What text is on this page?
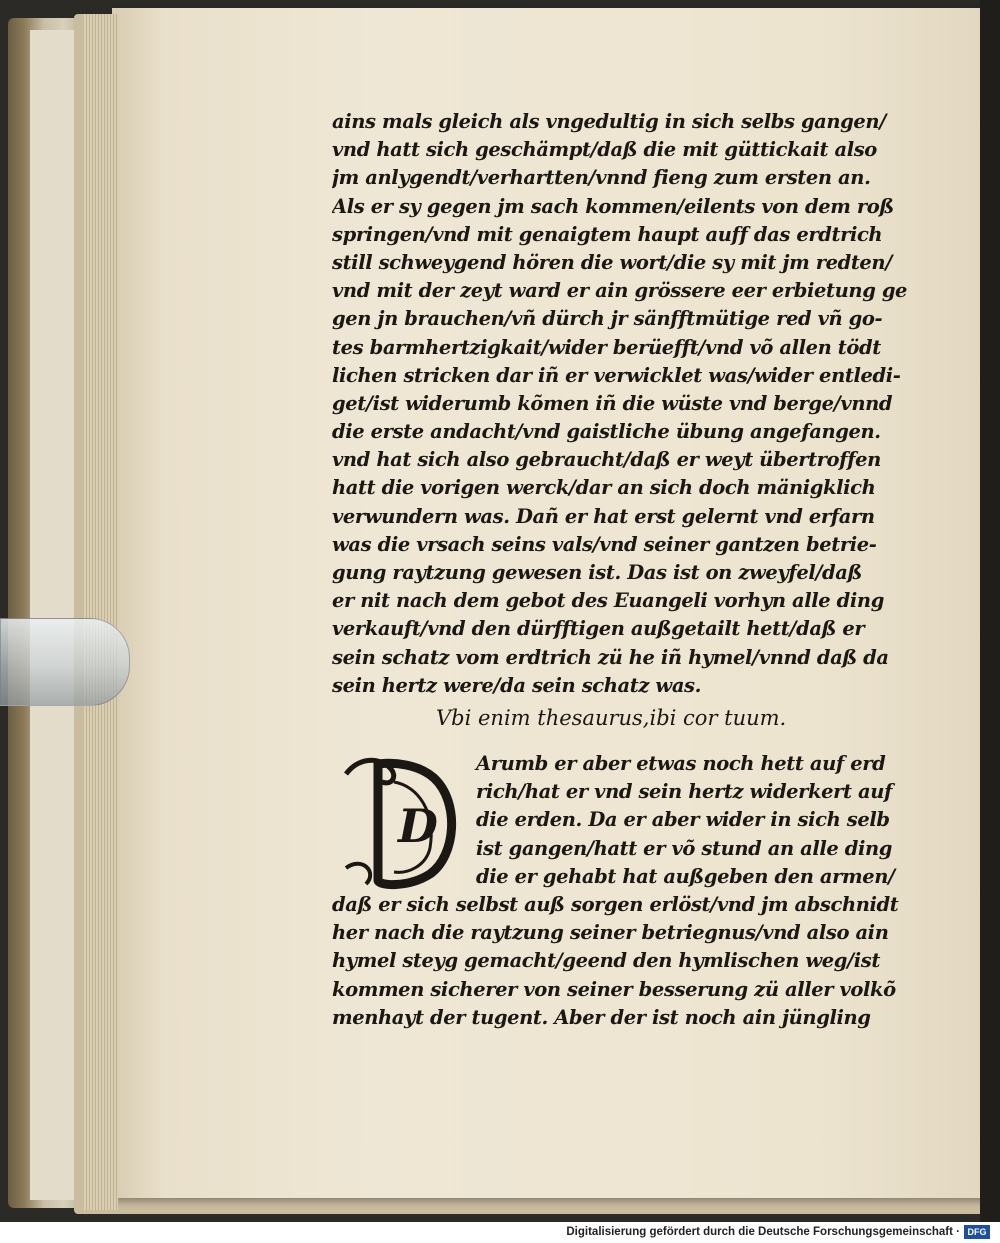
ains mals gleich als vngedultig in sich selbs gangen/
vnd hatt sich geschämpt/daß die mit güttickait also
jm anlygendt/verhartten/vnnd fieng zum ersten an.
Als er sy gegen jm sach kommen/eilents von dem roß
springen/vnd mit genaigtem haupt auff das erdtrich
still schweygend hören die wort/die sy mit jm redten/
vnd mit der zeyt ward er ain grössere eer erbietung ge
gen jn brauchen/vñ dürch jr sänfftmütige red vñ go-
tes barmhertzigkait/wider berüefft/vnd võ allen tödt
lichen stricken dar iñ er verwicklet was/wider entledi-
get/ist widerumb kõmen iñ die wüste vnd berge/vnnd
die erste andacht/vnd gaistliche übung angefangen.
vnd hat sich also gebraucht/daß er weyt übertroffen
hatt die vorigen werck/dar an sich doch mänigklich
verwundern was. Dañ er hat erst gelernt vnd erfarn
was die vrsach seins vals/vnd seiner gantzen betrie-
gung raytzung gewesen ist. Das ist on zweyfel/daß
er nit nach dem gebot des Euangeli vorhyn alle ding
verkauft/vnd den dürfftigen außgetailt hett/daß er
sein schatz vom erdtrich zü he iñ hymel/vnnd daß da
sein hertz were/da sein schatz was.
Vbi enim thesaurus,ibi cor tuum.
D
Arumb er aber etwas noch hett auf erd
rich/hat er vnd sein hertz widerkert auf
die erden. Da er aber wider in sich selb
ist gangen/hatt er võ stund an alle ding
die er gehabt hat außgeben den armen/
daß er sich selbst auß sorgen erlöst/vnd jm abschnidt
her nach die raytzung seiner betriegnus/vnd also ain
hymel steyg gemacht/geend den hymlischen weg/ist
kommen sicherer von seiner besserung zü aller volkõ
menhayt der tugent. Aber der ist noch ain jüngling
Digitalisierung gefördert durch die Deutsche Forschungsgemeinschaft · DFG
